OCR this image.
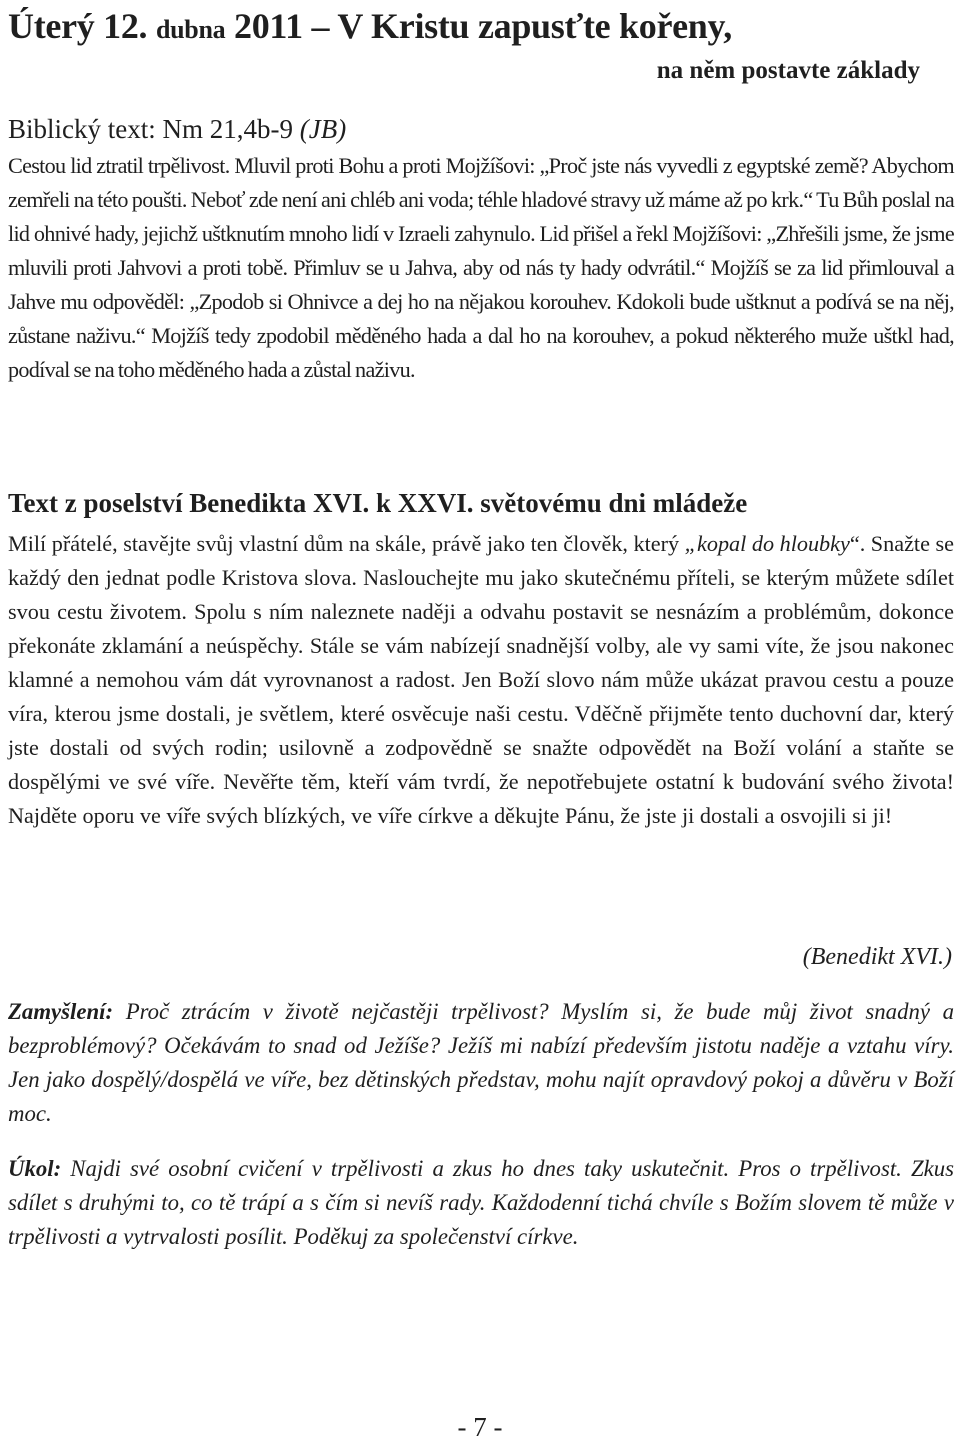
Úterý 12. dubna 2011 – V Kristu zapusťte kořeny,
na něm postavte základy
Biblický text: Nm 21,4b-9 (JB)

Cestou lid ztratil trpělivost. Mluvil proti Bohu a proti Mojžíšovi: „Proč jste nás vyvedli z egyptské země? Abychom zemřeli na této poušti. Neboť zde není ani chléb ani voda; téhle hladové stravy už máme až po krk.“ Tu Bůh poslal na lid ohnivé hady, jejichž uštknutím mnoho lidí v Izraeli zahynulo. Lid přišel a řekl Mojžíšovi: „Zhřešili jsme, že jsme mluvili proti Jahvovi a proti tobě. Přimluv se u Jahva, aby od nás ty hady odvrátil.“ Mojžíš se za lid přimlouval a Jahve mu odpověděl: „Zpodob si Ohnivce a dej ho na nějakou korouhev. Kdokoli bude uštknut a podívá se na něj, zůstane naživu.“ Mojžíš tedy zpodobil měděného hada a dal ho na korouhev, a pokud některého muže uštkl had, podíval se na toho měděného hada a zůstal naživu.

Text z poselství Benedikta XVI. k XXVI. světovému dni mládeže

Milí přátelé, stavějte svůj vlastní dům na skále, právě jako ten člověk, který „kopal do hloubky“. Snažte se každý den jednat podle Kristova slova. Naslouchejte mu jako skutečnému příteli, se kterým můžete sdílet svou cestu životem. Spolu s ním naleznete naději a odvahu postavit se nesnázím a problémům, dokonce překonáte zklamání a neúspěchy. Stále se vám nabízejí snadnější volby, ale vy sami víte, že jsou nakonec klamné a nemohou vám dát vyrovnanost a radost. Jen Boží slovo nám může ukázat pravou cestu a pouze víra, kterou jsme dostali, je světlem, které osvěcuje naši cestu. Vděčně přijměte tento duchovní dar, který jste dostali od svých rodin; usilovně a zodpovědně se snažte odpovědět na Boží volání a staňte se dospělými ve své víře. Nevěřte těm, kteří vám tvrdí, že nepotřebujete ostatní k budování svého života! Najděte oporu ve víře svých blízkých, ve víře církve a děkujte Pánu, že jste ji dostali a osvojili si ji!

(Benedikt XVI.)

Zamyšlení: Proč ztrácím v životě nejčastěji trpělivost? Myslím si, že bude můj život snadný a bezproblémový? Očekávám to snad od Ježíše? Ježíš mi nabízí především jistotu naděje a vztahu víry. Jen jako dospělý/dospělá ve víře, bez dětinských představ, mohu najít opravdový pokoj a důvěru v Boží moc.

Úkol: Najdi své osobní cvičení v trpělivosti a zkus ho dnes taky uskutečnit. Pros o trpělivost. Zkus sdílet s druhými to, co tě trápí a s čím si nevíš rady. Každodenní tichá chvíle s Božím slovem tě může v trpělivosti a vytrvalosti posílit. Poděkuj za společenství církve.

- 7 -
